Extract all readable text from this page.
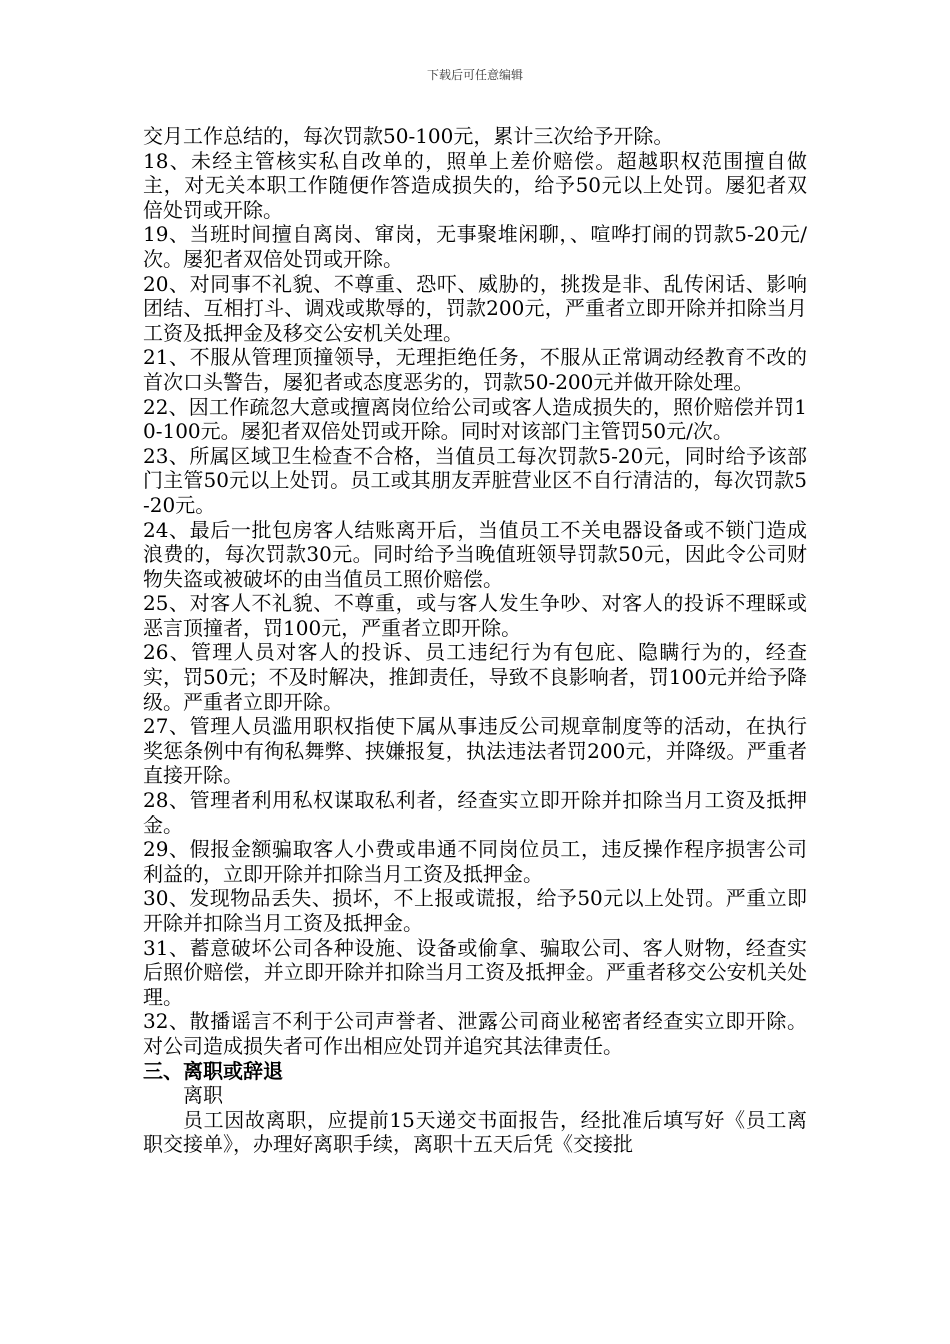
下载后可任意编辑

交月工作总结的，每次罚款50-100元，累计三次给予开除。

18、未经主管核实私自改单的，照单上差价赔偿。超越职权范围擅自做主，对无关本职工作随便作答造成损失的，给予50元以上处罚。屡犯者双倍处罚或开除。

19、当班时间擅自离岗、窜岗，无事聚堆闲聊，、喧哗打闹的罚款5-20元/次。屡犯者双倍处罚或开除。

20、对同事不礼貌、不尊重、恐吓、威胁的，挑拨是非、乱传闲话、影响团结、互相打斗、调戏或欺辱的，罚款200元，严重者立即开除并扣除当月工资及抵押金及移交公安机关处理。

21、不服从管理顶撞领导，无理拒绝任务，不服从正常调动经教育不改的首次口头警告，屡犯者或态度恶劣的，罚款50-200元并做开除处理。

22、因工作疏忽大意或擅离岗位给公司或客人造成损失的，照价赔偿并罚10-100元。屡犯者双倍处罚或开除。同时对该部门主管罚50元/次。

23、所属区域卫生检查不合格，当值员工每次罚款5-20元，同时给予该部门主管50元以上处罚。员工或其朋友弄脏营业区不自行清洁的，每次罚款5-20元。

24、最后一批包房客人结账离开后，当值员工不关电器设备或不锁门造成浪费的，每次罚款30元。同时给予当晚值班领导罚款50元，因此令公司财物失盗或被破坏的由当值员工照价赔偿。

25、对客人不礼貌、不尊重，或与客人发生争吵、对客人的投诉不理睬或恶言顶撞者，罚100元，严重者立即开除。

26、管理人员对客人的投诉、员工违纪行为有包庇、隐瞒行为的，经查实，罚50元；不及时解决，推卸责任，导致不良影响者，罚100元并给予降级。严重者立即开除。

27、管理人员滥用职权指使下属从事违反公司规章制度等的活动，在执行奖惩条例中有徇私舞弊、挟嫌报复，执法违法者罚200元，并降级。严重者直接开除。

28、管理者利用私权谋取私利者，经查实立即开除并扣除当月工资及抵押金。

29、假报金额骗取客人小费或串通不同岗位员工，违反操作程序损害公司利益的，立即开除并扣除当月工资及抵押金。

30、发现物品丢失、损坏，不上报或谎报，给予50元以上处罚。严重立即开除并扣除当月工资及抵押金。

31、蓄意破坏公司各种设施、设备或偷拿、骗取公司、客人财物，经查实后照价赔偿，并立即开除并扣除当月工资及抵押金。严重者移交公安机关处理。

32、散播谣言不利于公司声誉者、泄露公司商业秘密者经查实立即开除。对公司造成损失者可作出相应处罚并追究其法律责任。

三、离职或辞退

离职

员工因故离职，应提前15天递交书面报告，经批准后填写好《员工离职交接单》，办理好离职手续，离职十五天后凭《交接批
